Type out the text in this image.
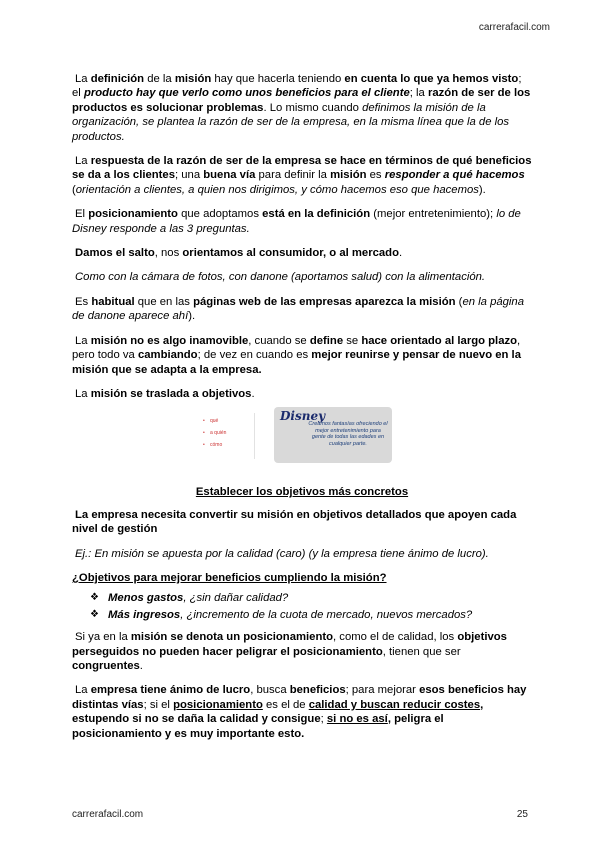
carrerafacil.com

La definición de la misión hay que hacerla teniendo en cuenta lo que ya hemos visto; el producto hay que verlo como unos beneficios para el cliente; la razón de ser de los productos es solucionar problemas. Lo mismo cuando definimos la misión de la organización, se plantea la razón de ser de la empresa, en la misma línea que la de los productos.

La respuesta de la razón de ser de la empresa se hace en términos de qué beneficios se da a los clientes; una buena vía para definir la misión es responder a qué hacemos (orientación a clientes, a quien nos dirigimos, y cómo hacemos eso que hacemos).

El posicionamiento que adoptamos está en la definición (mejor entretenimiento); lo de Disney responde a las 3 preguntas.

Damos el salto, nos orientamos al consumidor, o al mercado.

Como con la cámara de fotos, con danone (aportamos salud) con la alimentación.

Es habitual que en las páginas web de las empresas aparezca la misión (en la página de danone aparece ahí).

La misión no es algo inamovible, cuando se define se hace orientado al largo plazo, pero todo va cambiando; de vez en cuando es mejor reunirse y pensar de nuevo en la misión que se adapta a la empresa.

La misión se traslada a objetivos.

• qué
• a quién
• cómo
Disney
Creamos fantasías ofreciendo el mejor entretenimiento para gente de todas las edades en cualquier parte.

Establecer los objetivos más concretos

La empresa necesita convertir su misión en objetivos detallados que apoyen cada nivel de gestión

Ej.: En misión se apuesta por la calidad (caro) (y la empresa tiene ánimo de lucro).

¿Objetivos para mejorar beneficios cumpliendo la misión?

❖ Menos gastos, ¿sin dañar calidad?
❖ Más ingresos, ¿incremento de la cuota de mercado, nuevos mercados?

Si ya en la misión se denota un posicionamiento, como el de calidad, los objetivos perseguidos no pueden hacer peligrar el posicionamiento, tienen que ser congruentes.

La empresa tiene ánimo de lucro, busca beneficios; para mejorar esos beneficios hay distintas vías; si el posicionamiento es el de calidad y buscan reducir costes, estupendo si no se daña la calidad y consigue; si no es así, peligra el posicionamiento y es muy importante esto.

carrerafacil.com	25
